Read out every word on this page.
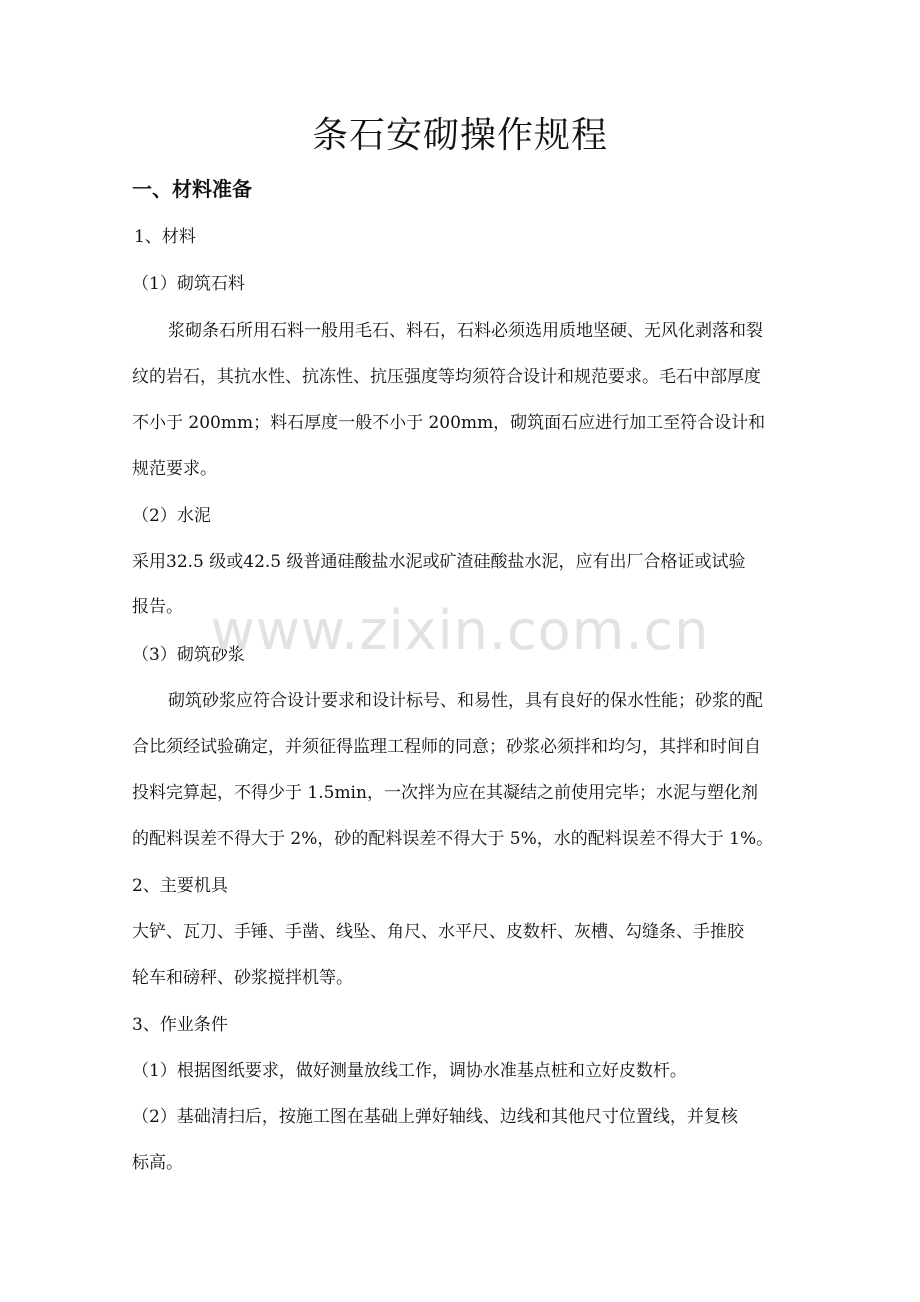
条石安砌操作规程
一、材料准备
1、材料
（1）砌筑石料
浆砌条石所用石料一般用毛石、料石，石料必须选用质地坚硬、无风化剥落和裂
纹的岩石，其抗水性、抗冻性、抗压强度等均须符合设计和规范要求。毛石中部厚度
不小于 200mm；料石厚度一般不小于 200mm，砌筑面石应进行加工至符合设计和
规范要求。
（2）水泥
采用32.5 级或42.5 级普通硅酸盐水泥或矿渣硅酸盐水泥，应有出厂合格证或试验
报告。
（3）砌筑砂浆
砌筑砂浆应符合设计要求和设计标号、和易性，具有良好的保水性能；砂浆的配
合比须经试验确定，并须征得监理工程师的同意；砂浆必须拌和均匀，其拌和时间自
投料完算起，不得少于 1.5min，一次拌为应在其凝结之前使用完毕；水泥与塑化剂
的配料误差不得大于 2%，砂的配料误差不得大于 5%，水的配料误差不得大于 1%。
2、主要机具
大铲、瓦刀、手锤、手凿、线坠、角尺、水平尺、皮数杆、灰槽、勾缝条、手推胶
轮车和磅秤、砂浆搅拌机等。
3、作业条件
（1）根据图纸要求，做好测量放线工作，调协水准基点桩和立好皮数杆。
（2）基础清扫后，按施工图在基础上弹好轴线、边线和其他尺寸位置线，并复核
标高。
www.zixin.com.cn
